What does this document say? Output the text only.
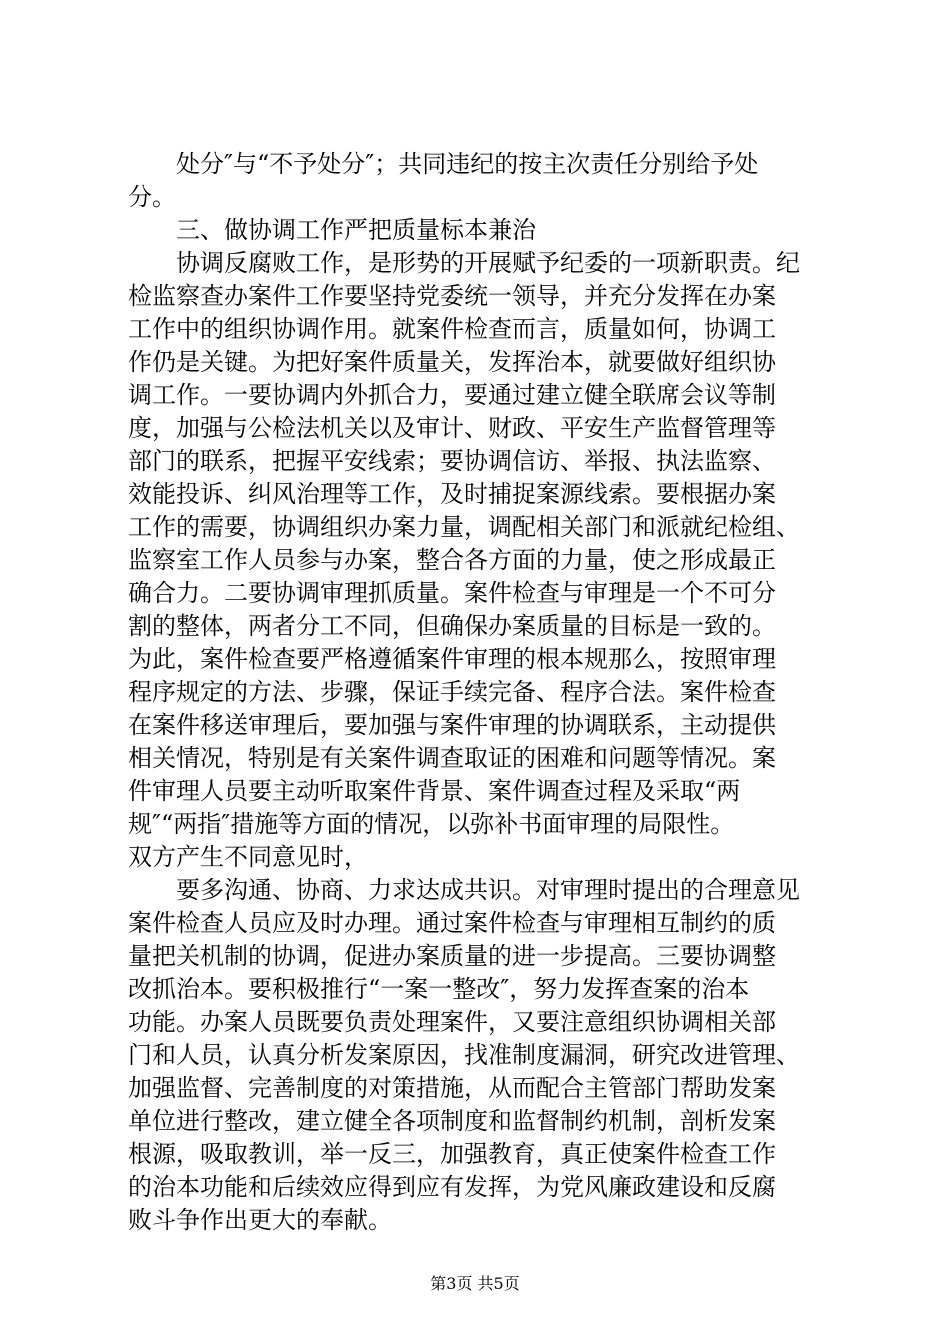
处分″与“不予处分″；共同违纪的按主次责任分别给予处
分。
三、做协调工作严把质量标本兼治
协调反腐败工作，是形势的开展赋予纪委的一项新职责。纪
检监察查办案件工作要坚持党委统一领导，并充分发挥在办案
工作中的组织协调作用。就案件检查而言，质量如何，协调工
作仍是关键。为把好案件质量关，发挥治本，就要做好组织协
调工作。一要协调内外抓合力，要通过建立健全联席会议等制
度，加强与公检法机关以及审计、财政、平安生产监督管理等
部门的联系，把握平安线索；要协调信访、举报、执法监察、
效能投诉、纠风治理等工作，及时捕捉案源线索。要根据办案
工作的需要，协调组织办案力量，调配相关部门和派就纪检组、
监察室工作人员参与办案，整合各方面的力量，使之形成最正
确合力。二要协调审理抓质量。案件检查与审理是一个不可分
割的整体，两者分工不同，但确保办案质量的目标是一致的。
为此，案件检查要严格遵循案件审理的根本规那么，按照审理
程序规定的方法、步骤，保证手续完备、程序合法。案件检查
在案件移送审理后，要加强与案件审理的协调联系，主动提供
相关情况，特别是有关案件调查取证的困难和问题等情况。案
件审理人员要主动听取案件背景、案件调查过程及采取“两
规″“两指″措施等方面的情况，以弥补书面审理的局限性。
双方产生不同意见时，
要多沟通、协商、力求达成共识。对审理时提出的合理意见
案件检查人员应及时办理。通过案件检查与审理相互制约的质
量把关机制的协调，促进办案质量的进一步提高。三要协调整
改抓治本。要积极推行“一案一整改″，努力发挥查案的治本
功能。办案人员既要负责处理案件，又要注意组织协调相关部
门和人员，认真分析发案原因，找准制度漏洞，研究改进管理、
加强监督、完善制度的对策措施，从而配合主管部门帮助发案
单位进行整改，建立健全各项制度和监督制约机制，剖析发案
根源，吸取教训，举一反三，加强教育，真正使案件检查工作
的治本功能和后续效应得到应有发挥，为党风廉政建设和反腐
败斗争作出更大的奉献。
第3页 共5页
